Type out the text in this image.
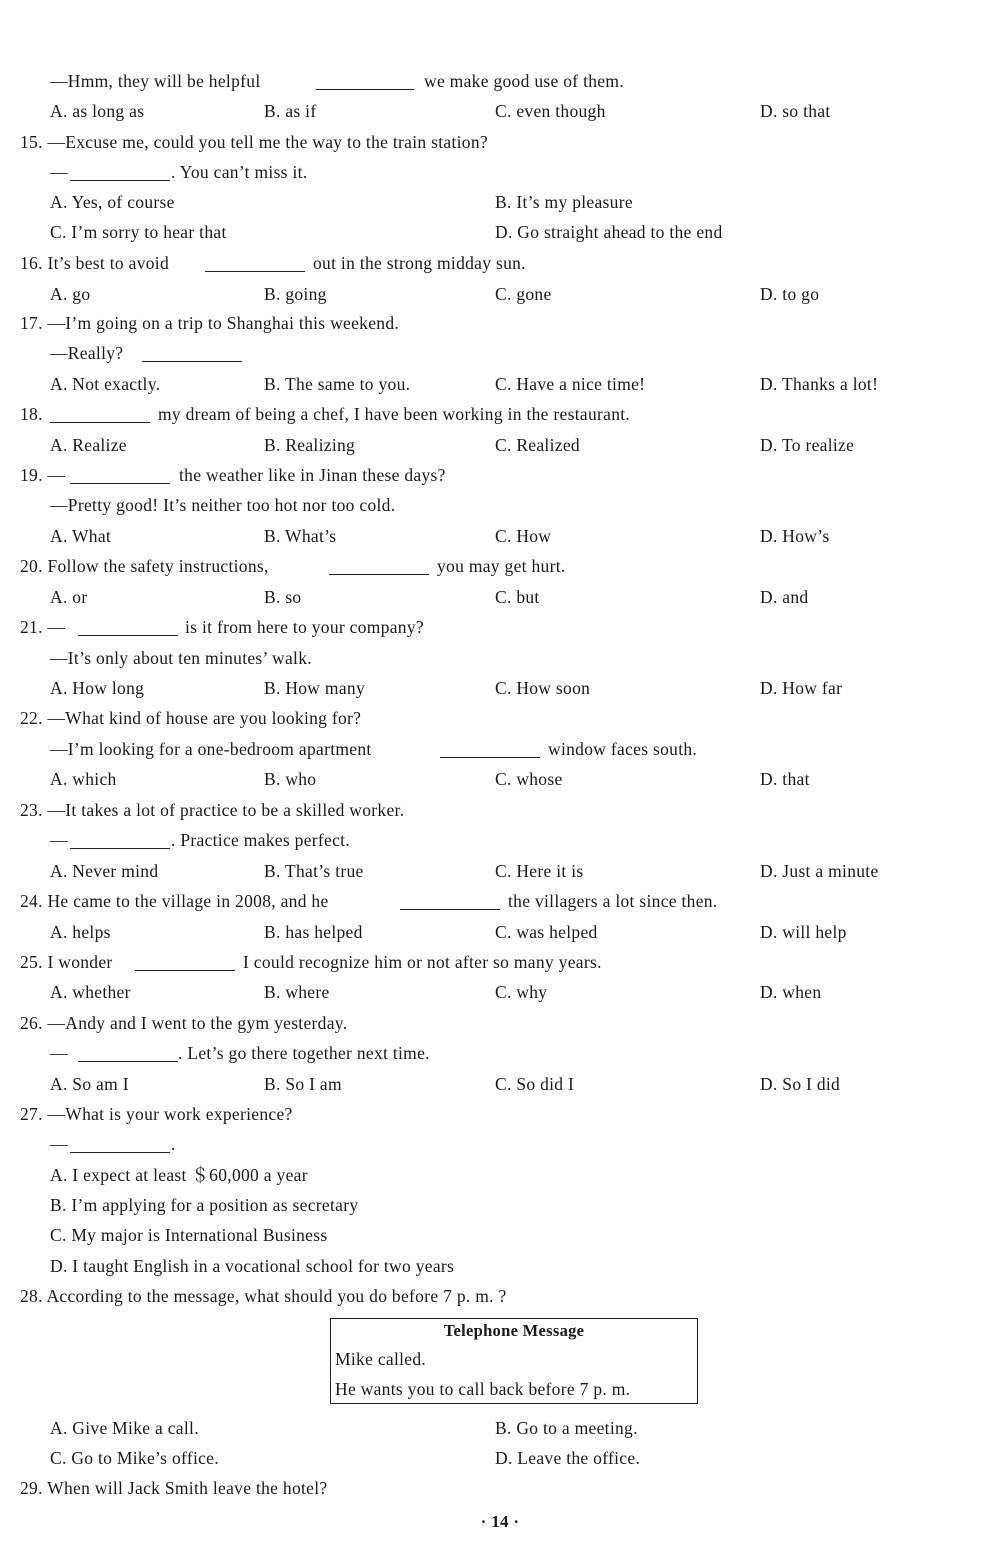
—Hmm, they will be helpful	we make good use of them.
A. as long as	B. as if	C. even though	D. so that
15. —Excuse me, could you tell me the way to the train station?
—	. You can’t miss it.
A. Yes, of course	B. It’s my pleasure
C. I’m sorry to hear that	D. Go straight ahead to the end
16. It’s best to avoid	out in the strong midday sun.
A. go	B. going	C. gone	D. to go
17. —I’m going on a trip to Shanghai this weekend.
—Really?
A. Not exactly.	B. The same to you.	C. Have a nice time!	D. Thanks a lot!
18.	my dream of being a chef, I have been working in the restaurant.
A. Realize	B. Realizing	C. Realized	D. To realize
19. —	the weather like in Jinan these days?
—Pretty good! It’s neither too hot nor too cold.
A. What	B. What’s	C. How	D. How’s
20. Follow the safety instructions,	you may get hurt.
A. or	B. so	C. but	D. and
21. —	is it from here to your company?
—It’s only about ten minutes’ walk.
A. How long	B. How many	C. How soon	D. How far
22. —What kind of house are you looking for?
—I’m looking for a one-bedroom apartment	window faces south.
A. which	B. who	C. whose	D. that
23. —It takes a lot of practice to be a skilled worker.
—	. Practice makes perfect.
A. Never mind	B. That’s true	C. Here it is	D. Just a minute
24. He came to the village in 2008, and he	the villagers a lot since then.
A. helps	B. has helped	C. was helped	D. will help
25. I wonder	I could recognize him or not after so many years.
A. whether	B. where	C. why	D. when
26. —Andy and I went to the gym yesterday.
—	. Let’s go there together next time.
A. So am I	B. So I am	C. So did I	D. So I did
27. —What is your work experience?
—	.
A. I expect at least ＄60,000 a year
B. I’m applying for a position as secretary
C. My major is International Business
D. I taught English in a vocational school for two years
28. According to the message, what should you do before 7 p. m. ?
Telephone Message
Mike called.
He wants you to call back before 7 p. m.
A. Give Mike a call.	B. Go to a meeting.
C. Go to Mike’s office.	D. Leave the office.
29. When will Jack Smith leave the hotel?
· 14 ·
